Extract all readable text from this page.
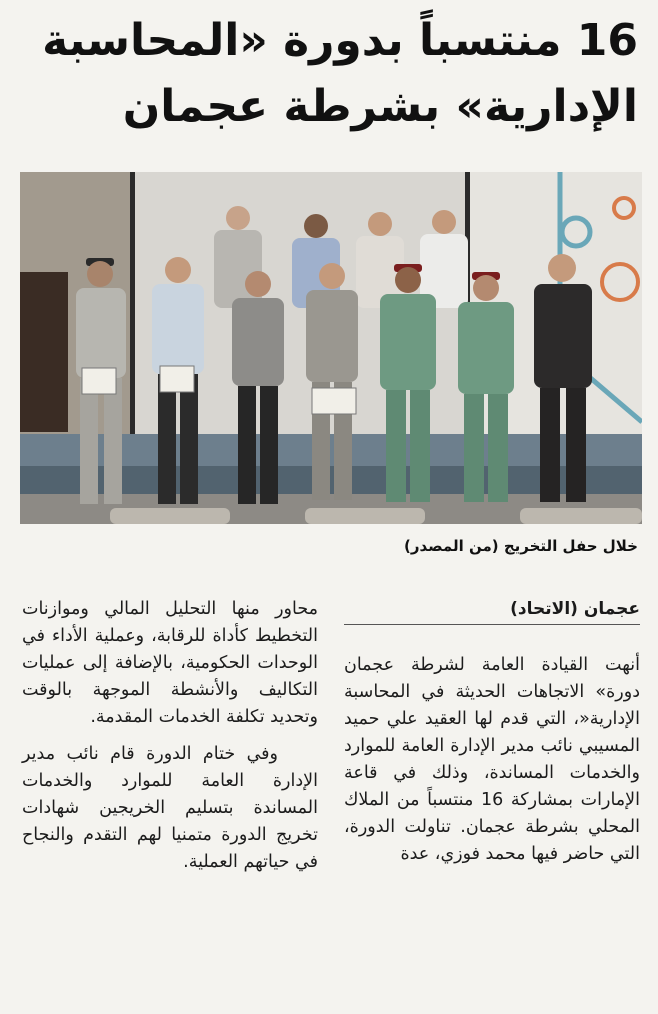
16 منتسباً بدورة «المحاسبة الإدارية» بشرطة عجمان
خلال حفل التخريج (من المصدر)
عجمان (الاتحاد)

أنهت القيادة العامة لشرطة عجمان دورة» الاتجاهات الحديثة في المحاسبة الإدارية«، التي قدم لها العقيد علي حميد المسيبي نائب مدير الإدارة العامة للموارد والخدمات المساندة، وذلك في قاعة الإمارات بمشاركة 16 منتسباً من الملاك المحلي بشرطة عجمان. تناولت الدورة، التي حاضر فيها محمد فوزي، عدة

محاور منها التحليل المالي وموازنات التخطيط كأداة للرقابة، وعملية الأداء في الوحدات الحكومية، بالإضافة إلى عمليات التكاليف والأنشطة الموجهة بالوقت وتحديد تكلفة الخدمات المقدمة.

وفي ختام الدورة قام نائب مدير الإدارة العامة للموارد والخدمات المساندة بتسليم الخريجين شهادات تخريج الدورة متمنيا لهم التقدم والنجاح في حياتهم العملية.
